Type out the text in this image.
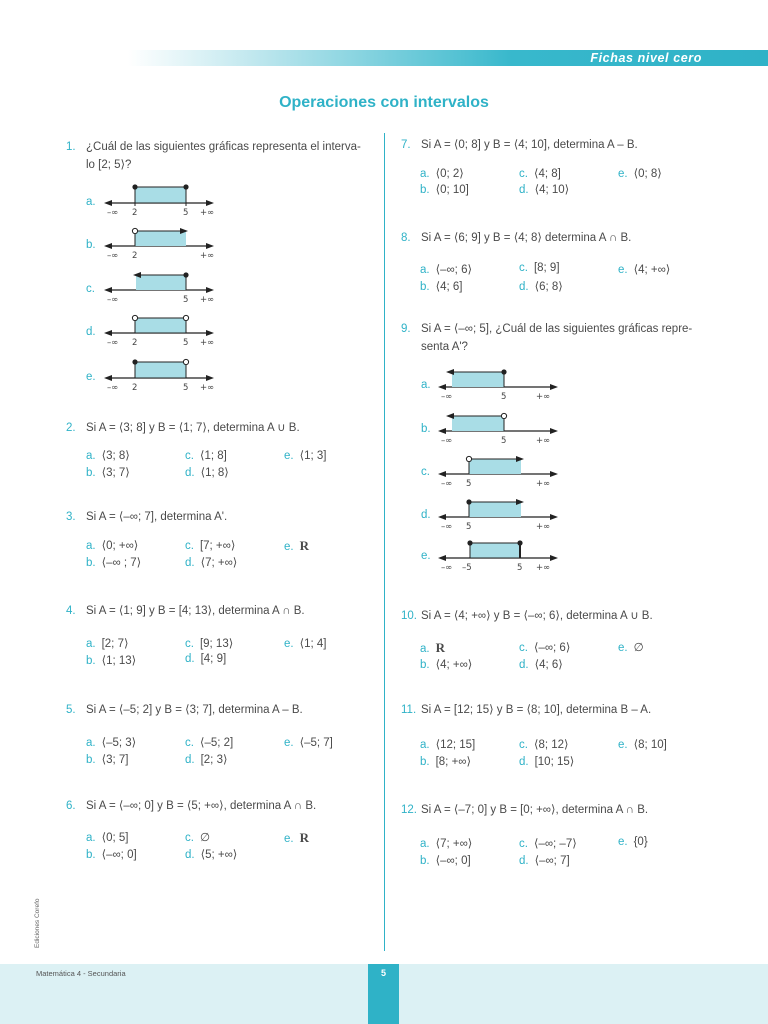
Fichas nivel cero
Operaciones con intervalos
1. ¿Cuál de las siguientes gráficas representa el interva-
lo [2; 5⟩?
a.
–∞ 2	5 +∞
b.
–∞ 2	+∞
c.
–∞	5 +∞
d.
–∞ 2	5 +∞
e.
–∞ 2	5 +∞
2. Si A = ⟨3; 8] y B = ⟨1; 7⟩, determina A ∪ B.
a. ⟨3; 8⟩
b. ⟨3; 7⟩
c. ⟨1; 8]
d. ⟨1; 8⟩
e. ⟨1; 3]
3. Si A = ⟨–∞; 7], determina A'.
a. ⟨0; +∞⟩
b. ⟨–∞ ; 7⟩
c. [7; +∞⟩
d. ⟨7; +∞⟩
e. R
4. Si A = ⟨1; 9] y B = [4; 13⟩, determina A ∩ B.
a. [2; 7⟩
b. ⟨1; 13⟩
c. [9; 13⟩
d. [4; 9]
e. ⟨1; 4]
5. Si A = ⟨–5; 2] y B = ⟨3; 7], determina A – B.
a. ⟨–5; 3⟩
b. ⟨3; 7]
c. ⟨–5; 2]
d. [2; 3⟩
e. ⟨–5; 7]
6. Si A = ⟨–∞; 0] y B = ⟨5; +∞⟩, determina A ∩ B.
a. ⟨0; 5]
b. ⟨–∞; 0]
c. ∅
d. ⟨5; +∞⟩
e. R
7. Si A = ⟨0; 8] y B = ⟨4; 10], determina A – B.
a. ⟨0; 2⟩
b. ⟨0; 10]
c. ⟨4; 8]
d. ⟨4; 10⟩
e. ⟨0; 8⟩
8. Si A = ⟨6; 9] y B = ⟨4; 8⟩ determina A ∩ B.
a. ⟨–∞; 6⟩
b. ⟨4; 6]
c. [8; 9]
d. ⟨6; 8⟩
e. ⟨4; +∞⟩
9. Si A = ⟨–∞; 5], ¿Cuál de las siguientes gráficas repre-
senta A'?
a.
–∞	5	+∞
b.
–∞	5	+∞
c.
–∞ 5	+∞
d.
–∞ 5	+∞
e.
–∞ –5	5 +∞
10. Si A = ⟨4; +∞⟩ y B = ⟨–∞; 6⟩, determina A ∪ B.
a. R
b. ⟨4; +∞⟩
c. ⟨–∞; 6⟩
d. ⟨4; 6⟩
e. ∅
11. Si A = [12; 15⟩ y B = ⟨8; 10], determina B – A.
a. ⟨12; 15]
b. [8; +∞⟩
c. ⟨8; 12⟩
d. [10; 15⟩
e. ⟨8; 10]
12. Si A = ⟨–7; 0] y B = [0; +∞⟩, determina A ∩ B.
a. ⟨7; +∞⟩
b. ⟨–∞; 0]
c. ⟨–∞; –7⟩
d. ⟨–∞; 7]
e. {0}
Ediciones Corefo
Matemática 4 - Secundaria	5
